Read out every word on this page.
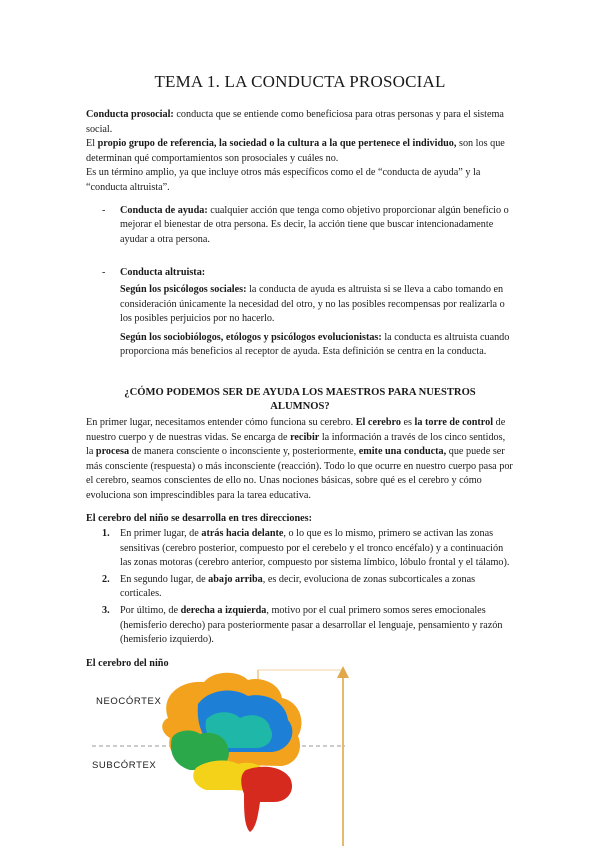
TEMA 1. LA CONDUCTA PROSOCIAL

Conducta prosocial: conducta que se entiende como beneficiosa para otras personas y para el sistema social.

El propio grupo de referencia, la sociedad o la cultura a la que pertenece el individuo, son los que determinan qué comportamientos son prosociales y cuáles no.

Es un término amplio, ya que incluye otros más específicos como el de “conducta de ayuda” y la “conducta altruista”.

- Conducta de ayuda: cualquier acción que tenga como objetivo proporcionar algún beneficio o mejorar el bienestar de otra persona. Es decir, la acción tiene que buscar intencionadamente ayudar a otra persona.

- Conducta altruista:

Según los psicólogos sociales: la conducta de ayuda es altruista si se lleva a cabo tomando en consideración únicamente la necesidad del otro, y no las posibles recompensas por realizarla o los posibles perjuicios por no hacerlo.

Según los sociobiólogos, etólogos y psicólogos evolucionistas: la conducta es altruista cuando proporciona más beneficios al receptor de ayuda. Esta definición se centra en la conducta.

¿CÓMO PODEMOS SER DE AYUDA LOS MAESTROS PARA NUESTROS ALUMNOS?

En primer lugar, necesitamos entender cómo funciona su cerebro. El cerebro es la torre de control de nuestro cuerpo y de nuestras vidas. Se encarga de recibir la información a través de los cinco sentidos, la procesa de manera consciente o inconsciente y, posteriormente, emite una conducta, que puede ser más consciente (respuesta) o más inconsciente (reacción). Todo lo que ocurre en nuestro cuerpo pasa por el cerebro, seamos conscientes de ello no. Unas nociones básicas, sobre qué es el cerebro y cómo evoluciona son imprescindibles para la tarea educativa.

El cerebro del niño se desarrolla en tres direcciones:

1. En primer lugar, de atrás hacia delante, o lo que es lo mismo, primero se activan las zonas sensitivas (cerebro posterior, compuesto por el cerebelo y el tronco encéfalo) y a continuación las zonas motoras (cerebro anterior, compuesto por sistema límbico, lóbulo frontal y el tálamo).
2. En segundo lugar, de abajo arriba, es decir, evoluciona de zonas subcorticales a zonas corticales.
3. Por último, de derecha a izquierda, motivo por el cual primero somos seres emocionales (hemisferio derecho) para posteriormente pasar a desarrollar el lenguaje, pensamiento y razón (hemisferio izquierdo).

El cerebro del niño

NEOCÓRTEX
SUBCÓRTEX
